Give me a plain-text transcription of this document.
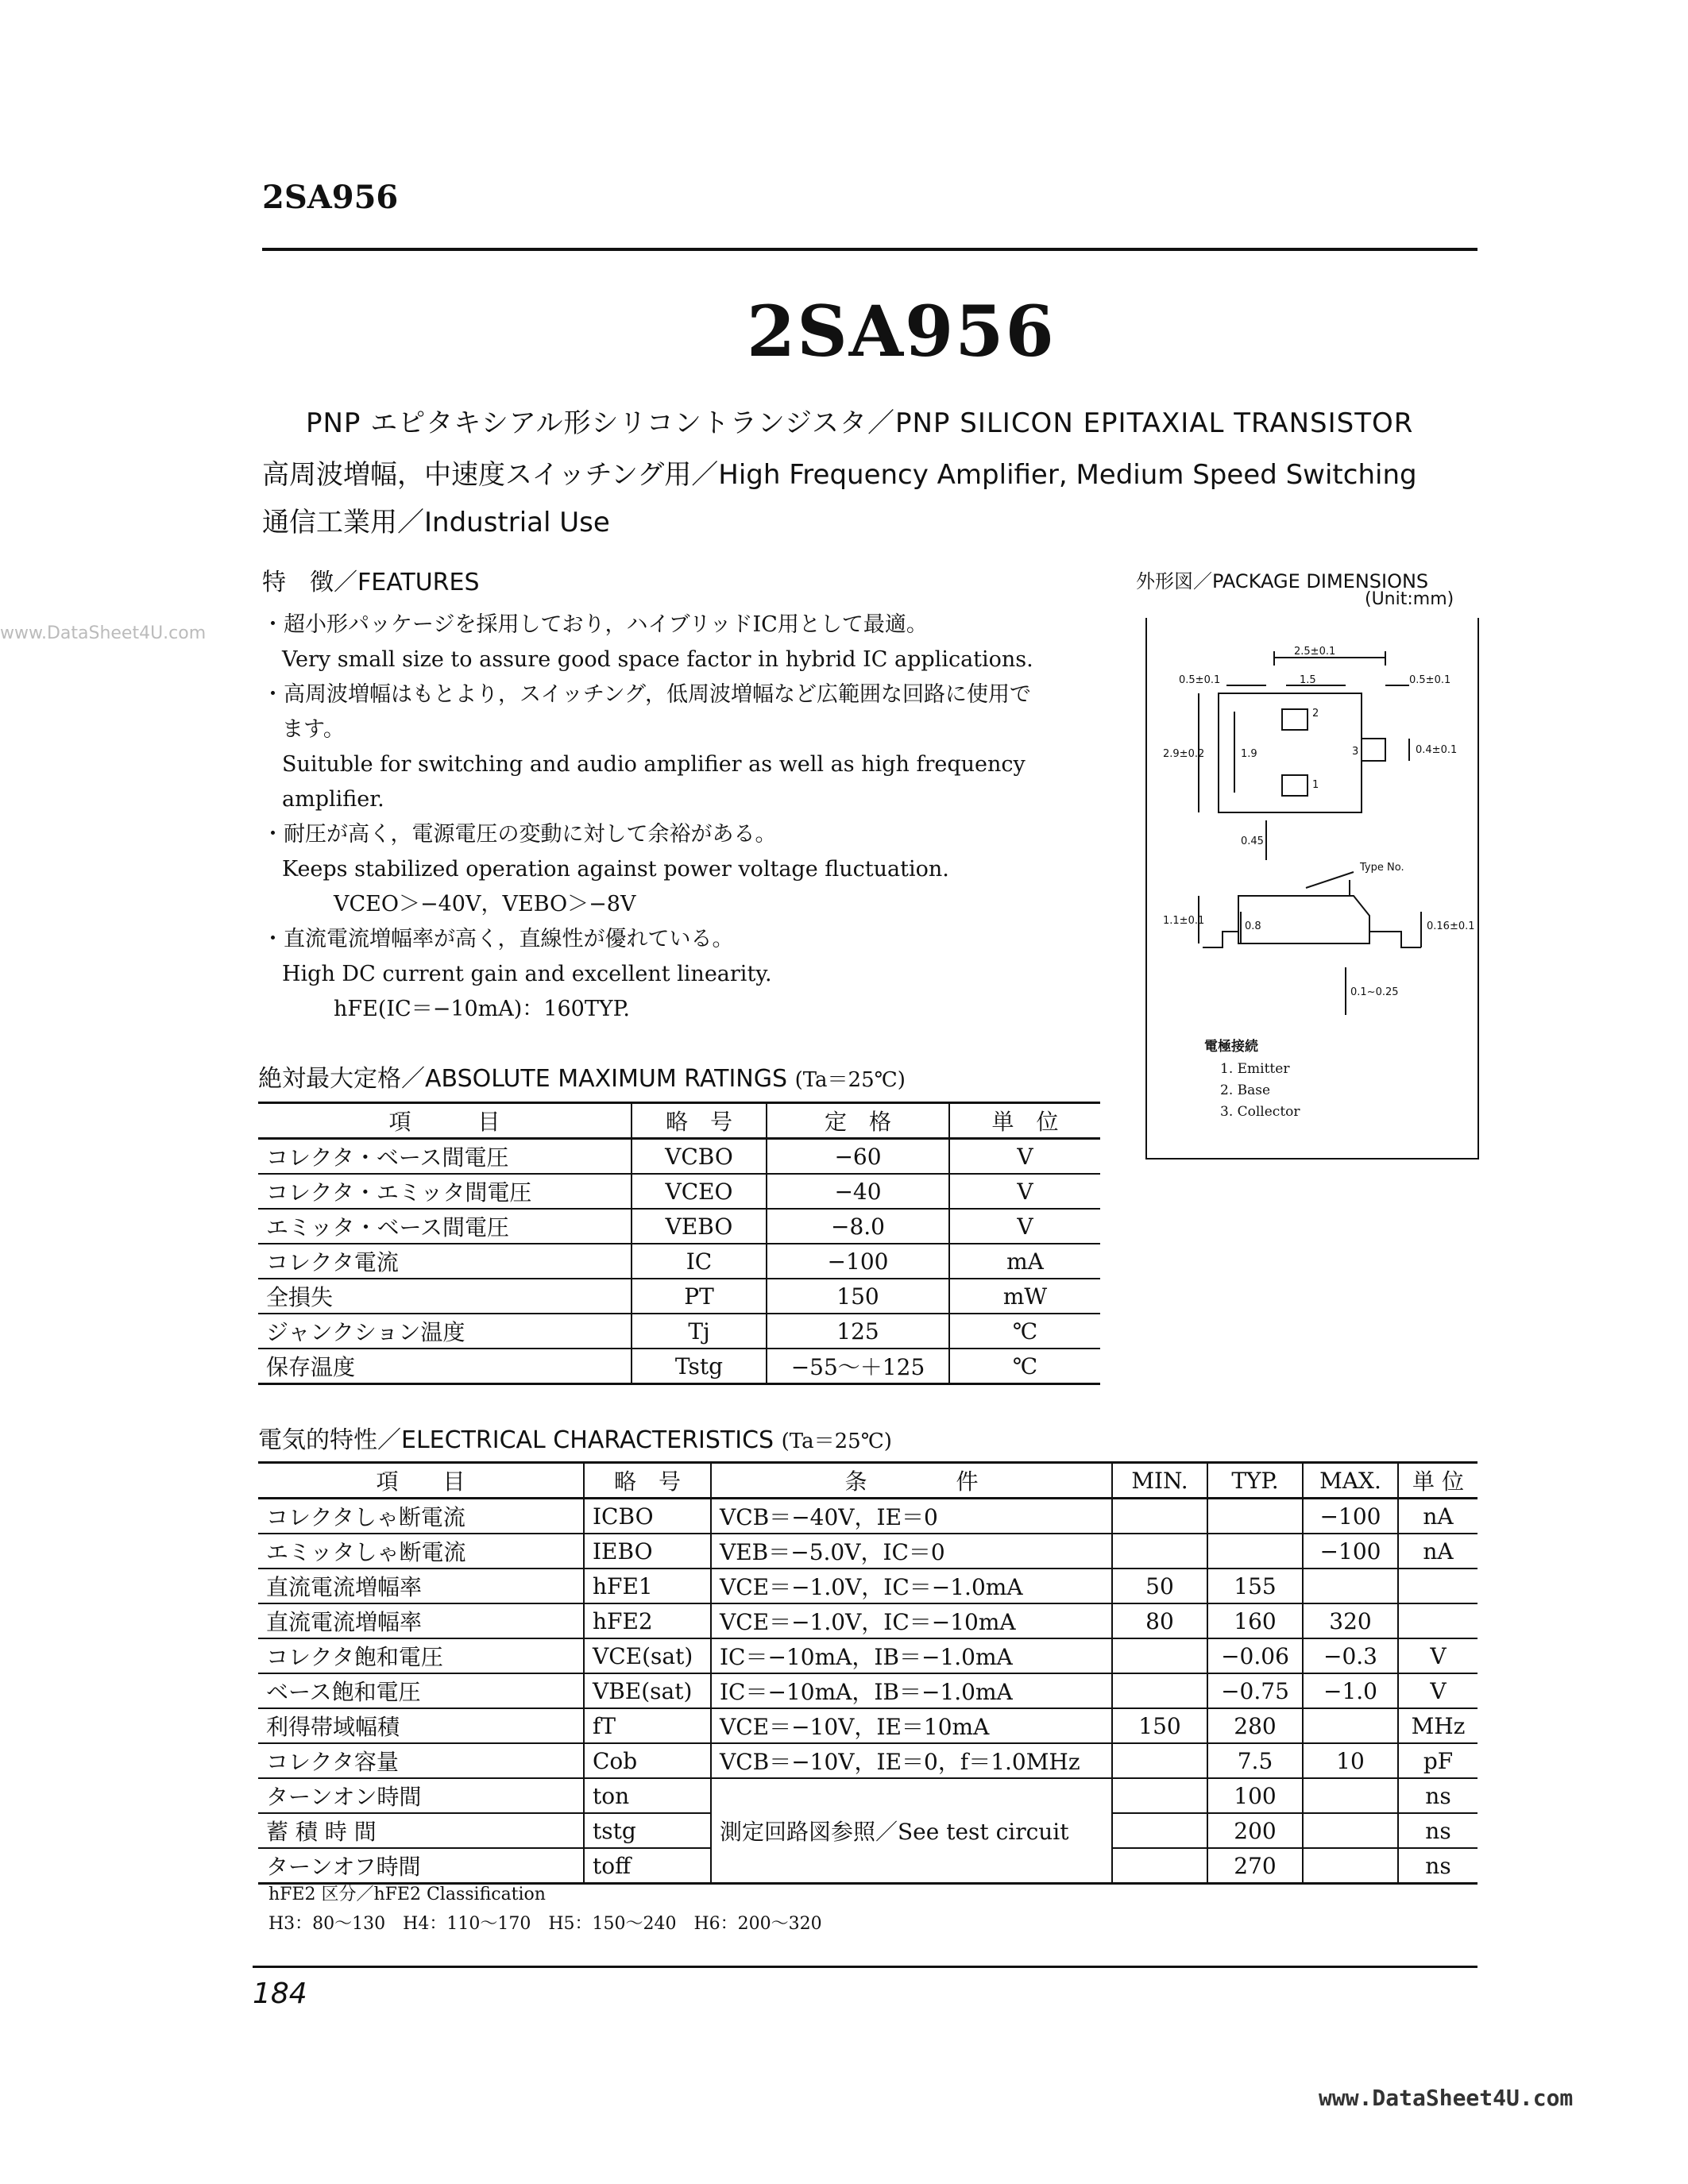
2SA956
2SA956
PNP エピタキシアル形シリコントランジスタ／PNP SILICON EPITAXIAL TRANSISTOR
高周波増幅，中速度スイッチング用／High Frequency Amplifier, Medium Speed Switching
通信工業用／Industrial Use
特　徴／FEATURES
www.DataSheet4U.com	・超小形パッケージを採用しており，ハイブリッドIC用として最適。
Very small size to assure good space factor in hybrid IC applications.
・高周波増幅はもとより，スイッチング，低周波増幅など広範囲な回路に使用で
ます。
Suituble for switching and audio amplifier as well as high frequency
amplifier.
・耐圧が高く，電源電圧の変動に対して余裕がある。
Keeps stabilized operation against power voltage fluctuation.
VCEO＞−40V，VEBO＞−8V
・直流電流増幅率が高く，直線性が優れている。
High DC current gain and excellent linearity.
hFE(IC＝−10mA)：160TYP.
外形図／PACKAGE DIMENSIONS
(Unit:mm)
2.5±0.1
0.5±0.1	1.5	0.5±0.1
2.9±0.2	1.9	0.4±0.1
0.45
1.1±0.1	0.8	0.16±0.1
0.1~0.25
Type No.
2
1
3
電極接続
1. Emitter
2. Base
3. Collector
絶対最大定格／ABSOLUTE MAXIMUM RATINGS (Ta＝25℃)
項　　　目	略　号	定　格	単　位
コレクタ・ベース間電圧	VCBO	−60	V
コレクタ・エミッタ間電圧	VCEO	−40	V
エミッタ・ベース間電圧	VEBO	−8.0	V
コレクタ電流	IC	−100	mA
全損失	PT	150	mW
ジャンクション温度	Tj	125	℃
保存温度	Tstg	−55〜＋125	℃
電気的特性／ELECTRICAL CHARACTERISTICS (Ta＝25℃)
項　　目	略　号	条　　　　件	MIN.	TYP.	MAX.	単 位
コレクタしゃ断電流	ICBO	VCB＝−40V，IE＝0			−100	nA
エミッタしゃ断電流	IEBO	VEB＝−5.0V，IC＝0			−100	nA
直流電流増幅率	hFE1	VCE＝−1.0V，IC＝−1.0mA	50	155		
直流電流増幅率	hFE2	VCE＝−1.0V，IC＝−10mA	80	160	320	
コレクタ飽和電圧	VCE(sat)	IC＝−10mA，IB＝−1.0mA		−0.06	−0.3	V
ベース飽和電圧	VBE(sat)	IC＝−10mA，IB＝−1.0mA		−0.75	−1.0	V
利得帯域幅積	fT	VCE＝−10V，IE＝10mA	150	280		MHz
コレクタ容量	Cob	VCB＝−10V，IE＝0，f＝1.0MHz		7.5	10	pF
ターンオン時間	ton	測定回路図参照／See test circuit		100		ns
蓄 積 時 間	tstg			200		ns
ターンオフ時間	toff			270		ns
hFE2 区分／hFE2 Classification
H3：80〜130　H4：110〜170　H5：150〜240　H6：200〜320
184
www.DataSheet4U.com
